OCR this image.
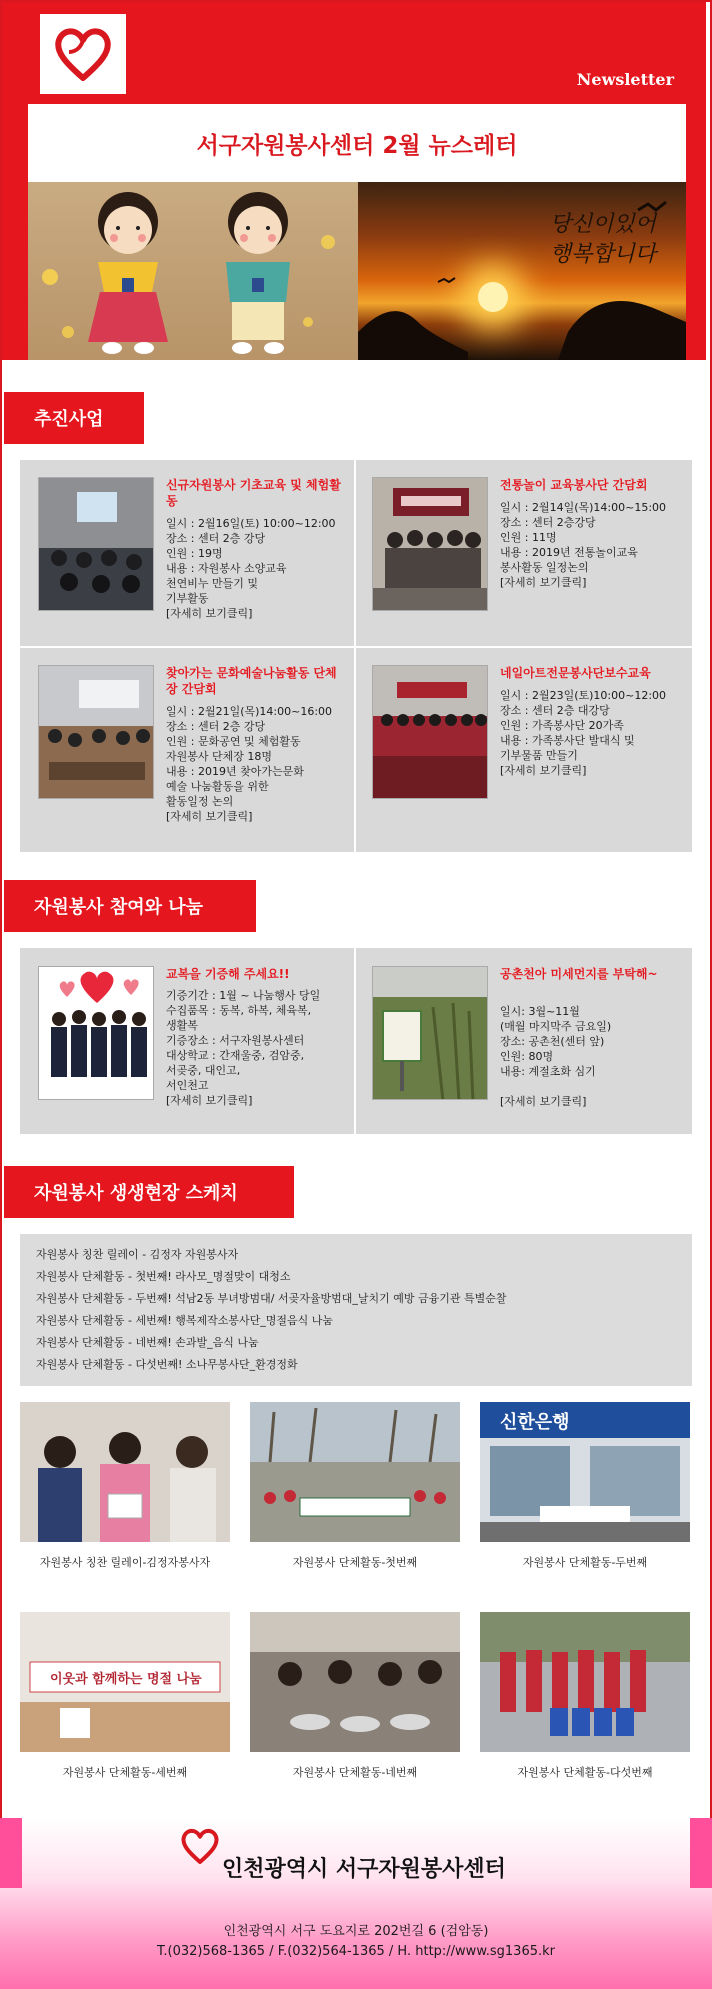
Newsletter
서구자원봉사센터 2월 뉴스레터
당신이있어
행복합니다
추진사업
신규자원봉사 기초교육 및 체험활동
일시 : 2월16일(토) 10:00~12:00
장소 : 센터 2층 강당
인원 : 19명
내용 : 자원봉사 소양교육
천연비누 만들기 및
기부활동
[자세히 보기클릭]
전통놀이 교육봉사단 간담회
일시 : 2월14일(목)14:00~15:00
장소 : 센터 2층강당
인원 : 11명
내용 : 2019년 전통놀이교육
봉사활동 일정논의
[자세히 보기클릭]
찾아가는 문화예술나눔활동 단체장 간담회
일시 : 2월21일(목)14:00~16:00
장소 : 센터 2층 강당
인원 : 문화공연 및 체험활동
자원봉사 단체장 18명
내용 : 2019년 찾아가는문화
예술 나눔활동을 위한
활동일정 논의
[자세히 보기클릭]
네일아트전문봉사단보수교육
일시 : 2월23일(토)10:00~12:00
장소 : 센터 2층 대강당
인원 : 가족봉사단 20가족
내용 : 가족봉사단 발대식 및
기부물품 만들기
[자세히 보기클릭]
자원봉사 참여와 나눔
교복을 기증해 주세요!!
기증기간 : 1월 ~ 나눔행사 당일
수집품목 : 동복, 하복, 체육복,
생활복
기증장소 : 서구자원봉사센터
대상학교 : 간재울중, 검암중,
서곶중, 대인고,
서인천고
[자세히 보기클릭]
공촌천아 미세먼지를 부탁해~
일시: 3월~11월
(매월 마지막주 금요일)
장소: 공촌천(센터 앞)
인원: 80명
내용: 계절초화 심기

[자세히 보기클릭]
자원봉사 생생현장 스케치
자원봉사 칭찬 릴레이 - 김정자 자원봉사자
자원봉사 단체활동 - 첫번째! 라사모_명절맞이 대청소
자원봉사 단체활동 - 두번째! 석남2동 부녀방범대/ 서곶자율방범대_날치기 예방 금융기관 특별순찰
자원봉사 단체활동 - 세번째! 행복제작소봉사단_명절음식 나눔
자원봉사 단체활동 - 네번째! 손과발_음식 나눔
자원봉사 단체활동 - 다섯번째! 소나무봉사단_환경정화
자원봉사 칭찬 릴레이-김정자봉사자	자원봉사 단체활동-첫번째
신한은행
자원봉사 단체활동-두번째
이웃과 함께하는 명절 나눔
자원봉사 단체활동-세번째	자원봉사 단체활동-네번째	자원봉사 단체활동-다섯번째
인천광역시 서구자원봉사센터
인천광역시 서구 도요지로 202번길 6 (검암동)
T.(032)568-1365 / F.(032)564-1365 / H. http://www.sg1365.kr
